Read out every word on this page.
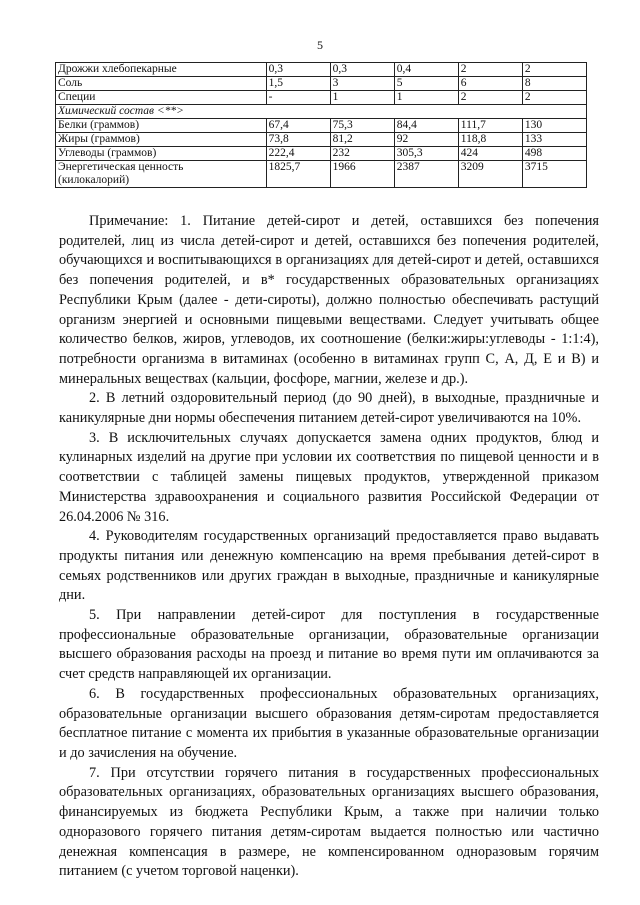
5
Дрожжи хлебопекарные	0,3	0,3	0,4	2	2
Соль	1,5	3	5	6	8
Специи	-	1	1	2	2
Химический состав <**>					
Белки (граммов)	67,4	75,3	84,4	111,7	130
Жиры (граммов)	73,8	81,2	92	118,8	133
Углеводы (граммов)	222,4	232	305,3	424	498
Энергетическая ценность
(килокалорий)	1825,7	1966	2387	3209	3715

Примечание: 1. Питание детей-сирот и детей, оставшихся без попечения родителей, лиц из числа детей-сирот и детей, оставшихся без попечения родителей, обучающихся и воспитывающихся в организациях для детей-сирот и детей, оставшихся без попечения родителей, и в* государственных образовательных организациях Республики Крым (далее - дети-сироты), должно полностью обеспечивать растущий организм энергией и основными пищевыми веществами. Следует учитывать общее количество белков, жиров, углеводов, их соотношение (белки:жиры:углеводы - 1:1:4), потребности организма в витаминах (особенно в витаминах групп С, А, Д, Е и В) и минеральных веществах (кальции, фосфоре, магнии, железе и др.).

2. В летний оздоровительный период (до 90 дней), в выходные, праздничные и каникулярные дни нормы обеспечения питанием детей-сирот увеличиваются на 10%.

3. В исключительных случаях допускается замена одних продуктов, блюд и кулинарных изделий на другие при условии их соответствия по пищевой ценности и в соответствии с таблицей замены пищевых продуктов, утвержденной приказом Министерства здравоохранения и социального развития Российской Федерации от 26.04.2006 № 316.

4. Руководителям государственных организаций предоставляется право выдавать продукты питания или денежную компенсацию на время пребывания детей-сирот в семьях родственников или других граждан в выходные, праздничные и каникулярные дни.

5. При направлении детей-сирот для поступления в государственные профессиональные образовательные организации, образовательные организации высшего образования расходы на проезд и питание во время пути им оплачиваются за счет средств направляющей их организации.

6. В государственных профессиональных образовательных организациях, образовательные организации высшего образования детям-сиротам предоставляется бесплатное питание с момента их прибытия в указанные образовательные организации и до зачисления на обучение.

7. При отсутствии горячего питания в государственных профессиональных образовательных организациях, образовательных организациях высшего образования, финансируемых из бюджета Республики Крым, а также при наличии только одноразового горячего питания детям-сиротам выдается полностью или частично денежная компенсация в размере, не компенсированном одноразовым горячим питанием (с учетом торговой наценки).
